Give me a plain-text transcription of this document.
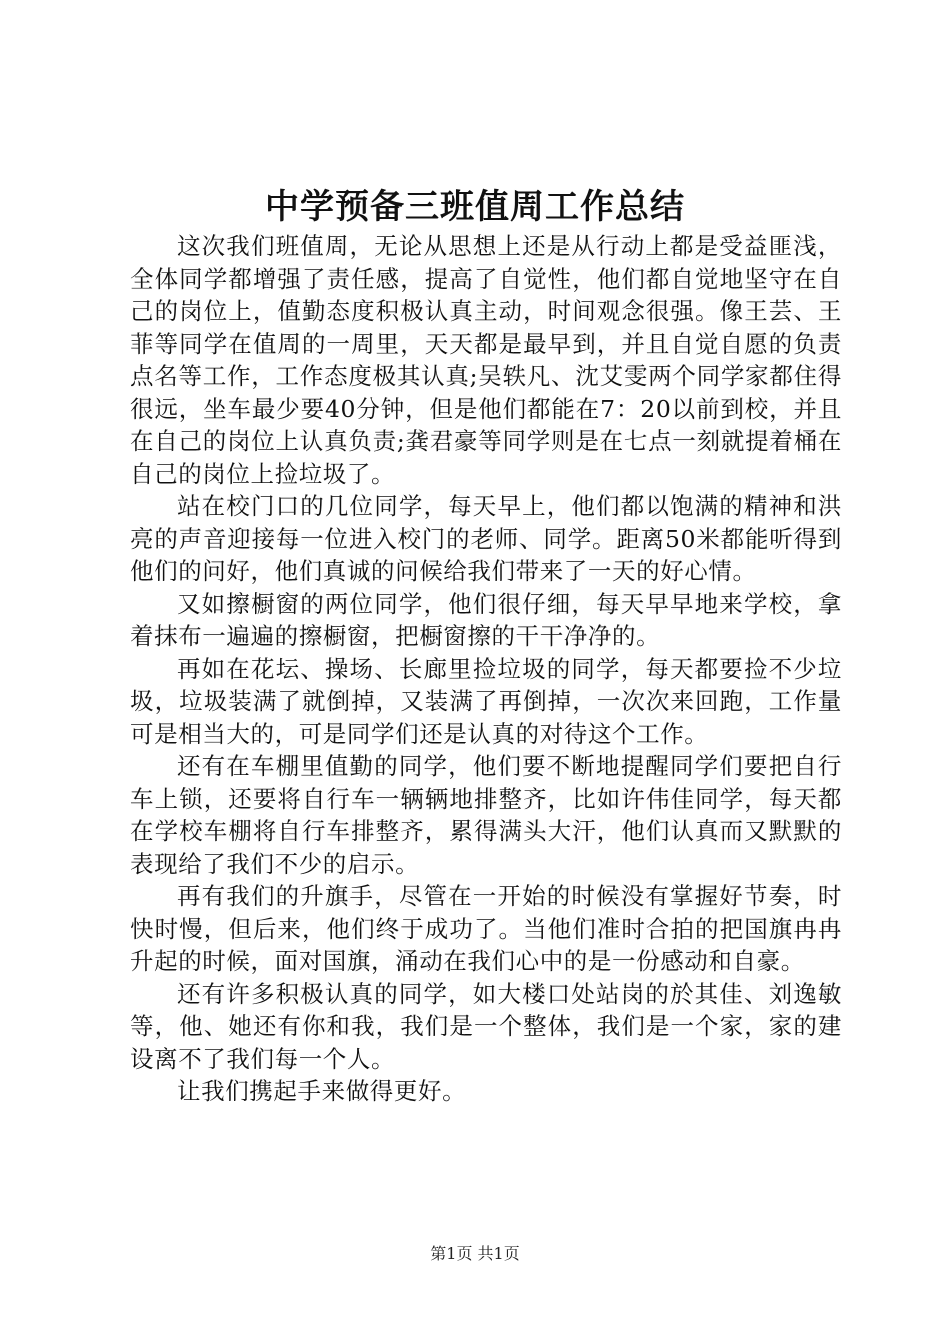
中学预备三班值周工作总结

这次我们班值周，无论从思想上还是从行动上都是受益匪浅，全体同学都增强了责任感，提高了自觉性，他们都自觉地坚守在自己的岗位上，值勤态度积极认真主动，时间观念很强。像王芸、王菲等同学在值周的一周里，天天都是最早到，并且自觉自愿的负责点名等工作，工作态度极其认真;吴轶凡、沈艾雯两个同学家都住得很远，坐车最少要40分钟，但是他们都能在7：20以前到校，并且在自己的岗位上认真负责;龚君豪等同学则是在七点一刻就提着桶在自己的岗位上捡垃圾了。

站在校门口的几位同学，每天早上，他们都以饱满的精神和洪亮的声音迎接每一位进入校门的老师、同学。距离50米都能听得到他们的问好，他们真诚的问候给我们带来了一天的好心情。

又如擦橱窗的两位同学，他们很仔细，每天早早地来学校，拿着抹布一遍遍的擦橱窗，把橱窗擦的干干净净的。

再如在花坛、操场、长廊里捡垃圾的同学，每天都要捡不少垃圾，垃圾装满了就倒掉，又装满了再倒掉，一次次来回跑，工作量可是相当大的，可是同学们还是认真的对待这个工作。

还有在车棚里值勤的同学，他们要不断地提醒同学们要把自行车上锁，还要将自行车一辆辆地排整齐，比如许伟佳同学，每天都在学校车棚将自行车排整齐，累得满头大汗，他们认真而又默默的表现给了我们不少的启示。

再有我们的升旗手，尽管在一开始的时候没有掌握好节奏，时快时慢，但后来，他们终于成功了。当他们准时合拍的把国旗冉冉升起的时候，面对国旗，涌动在我们心中的是一份感动和自豪。

还有许多积极认真的同学，如大楼口处站岗的於其佳、刘逸敏等，他、她还有你和我，我们是一个整体，我们是一个家，家的建设离不了我们每一个人。

让我们携起手来做得更好。

第1页 共1页
